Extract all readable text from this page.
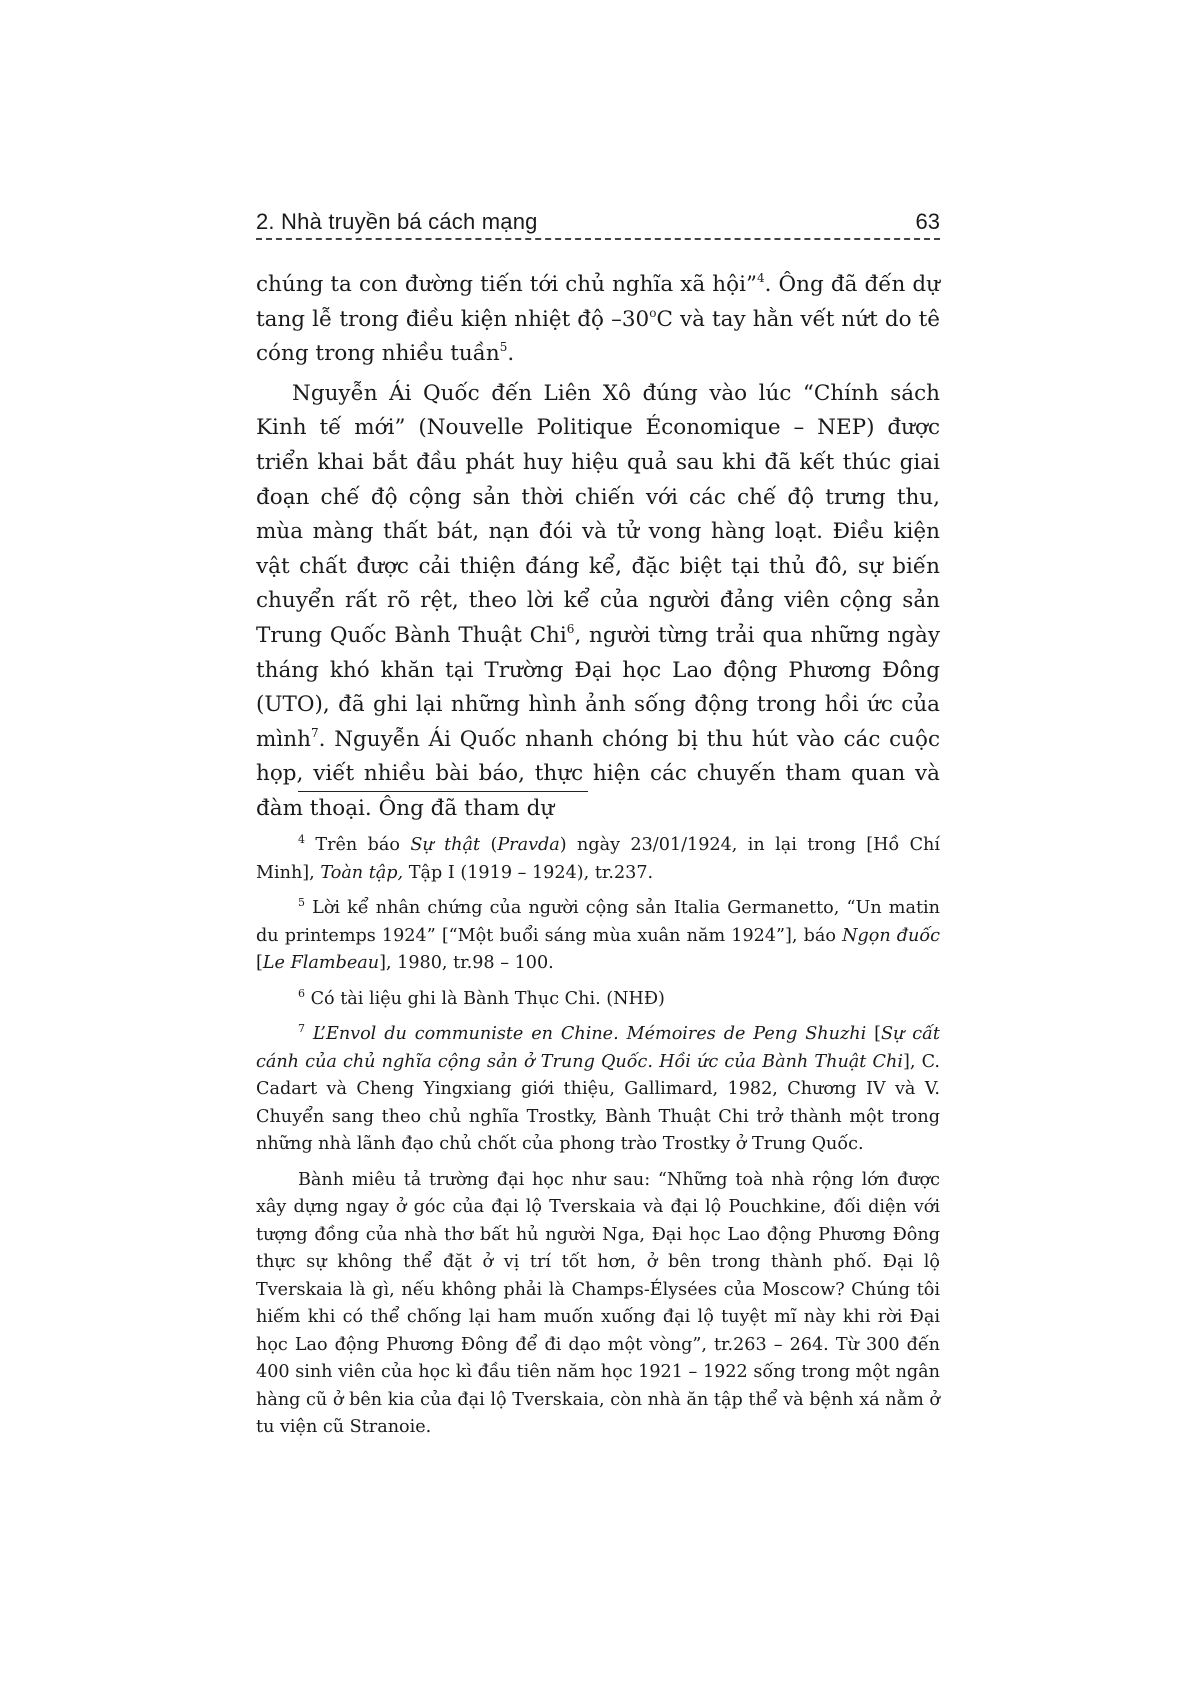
2. Nhà truyền bá cách mạng	63

chúng ta con đường tiến tới chủ nghĩa xã hội”$^4$. Ông đã đến dự tang lễ trong điều kiện nhiệt độ –30$^o$C và tay hằn vết nứt do tê cóng trong nhiều tuần$^5$.

Nguyễn Ái Quốc đến Liên Xô đúng vào lúc “Chính sách Kinh tế mới” (Nouvelle Politique Économique – NEP) được triển khai bắt đầu phát huy hiệu quả sau khi đã kết thúc giai đoạn chế độ cộng sản thời chiến với các chế độ trưng thu, mùa màng thất bát, nạn đói và tử vong hàng loạt. Điều kiện vật chất được cải thiện đáng kể, đặc biệt tại thủ đô, sự biến chuyển rất rõ rệt, theo lời kể của người đảng viên cộng sản Trung Quốc Bành Thuật Chi$^6$, người từng trải qua những ngày tháng khó khăn tại Trường Đại học Lao động Phương Đông (UTO), đã ghi lại những hình ảnh sống động trong hồi ức của mình$^7$. Nguyễn Ái Quốc nhanh chóng bị thu hút vào các cuộc họp, viết nhiều bài báo, thực hiện các chuyến tham quan và đàm thoại. Ông đã tham dự

$^4$ Trên báo Sự thật (Pravda) ngày 23/01/1924, in lại trong [Hồ Chí Minh], Toàn tập, Tập I (1919 – 1924), tr.237.

$^5$ Lời kể nhân chứng của người cộng sản Italia Germanetto, “Un matin du printemps 1924” [“Một buổi sáng mùa xuân năm 1924”], báo Ngọn đuốc [Le Flambeau], 1980, tr.98 – 100.

$^6$ Có tài liệu ghi là Bành Thục Chi. (NHĐ)

$^7$ L’Envol du communiste en Chine. Mémoires de Peng Shuzhi [Sự cất cánh của chủ nghĩa cộng sản ở Trung Quốc. Hồi ức của Bành Thuật Chi], C. Cadart và Cheng Yingxiang giới thiệu, Gallimard, 1982, Chương IV và V. Chuyển sang theo chủ nghĩa Trostky, Bành Thuật Chi trở thành một trong những nhà lãnh đạo chủ chốt của phong trào Trostky ở Trung Quốc.

Bành miêu tả trường đại học như sau: “Những toà nhà rộng lớn được xây dựng ngay ở góc của đại lộ Tverskaia và đại lộ Pouchkine, đối diện với tượng đồng của nhà thơ bất hủ người Nga, Đại học Lao động Phương Đông thực sự không thể đặt ở vị trí tốt hơn, ở bên trong thành phố. Đại lộ Tverskaia là gì, nếu không phải là Champs-Élysées của Moscow? Chúng tôi hiếm khi có thể chống lại ham muốn xuống đại lộ tuyệt mĩ này khi rời Đại học Lao động Phương Đông để đi dạo một vòng”, tr.263 – 264. Từ 300 đến 400 sinh viên của học kì đầu tiên năm học 1921 – 1922 sống trong một ngân hàng cũ ở bên kia của đại lộ Tverskaia, còn nhà ăn tập thể và bệnh xá nằm ở tu viện cũ Stranoie.
